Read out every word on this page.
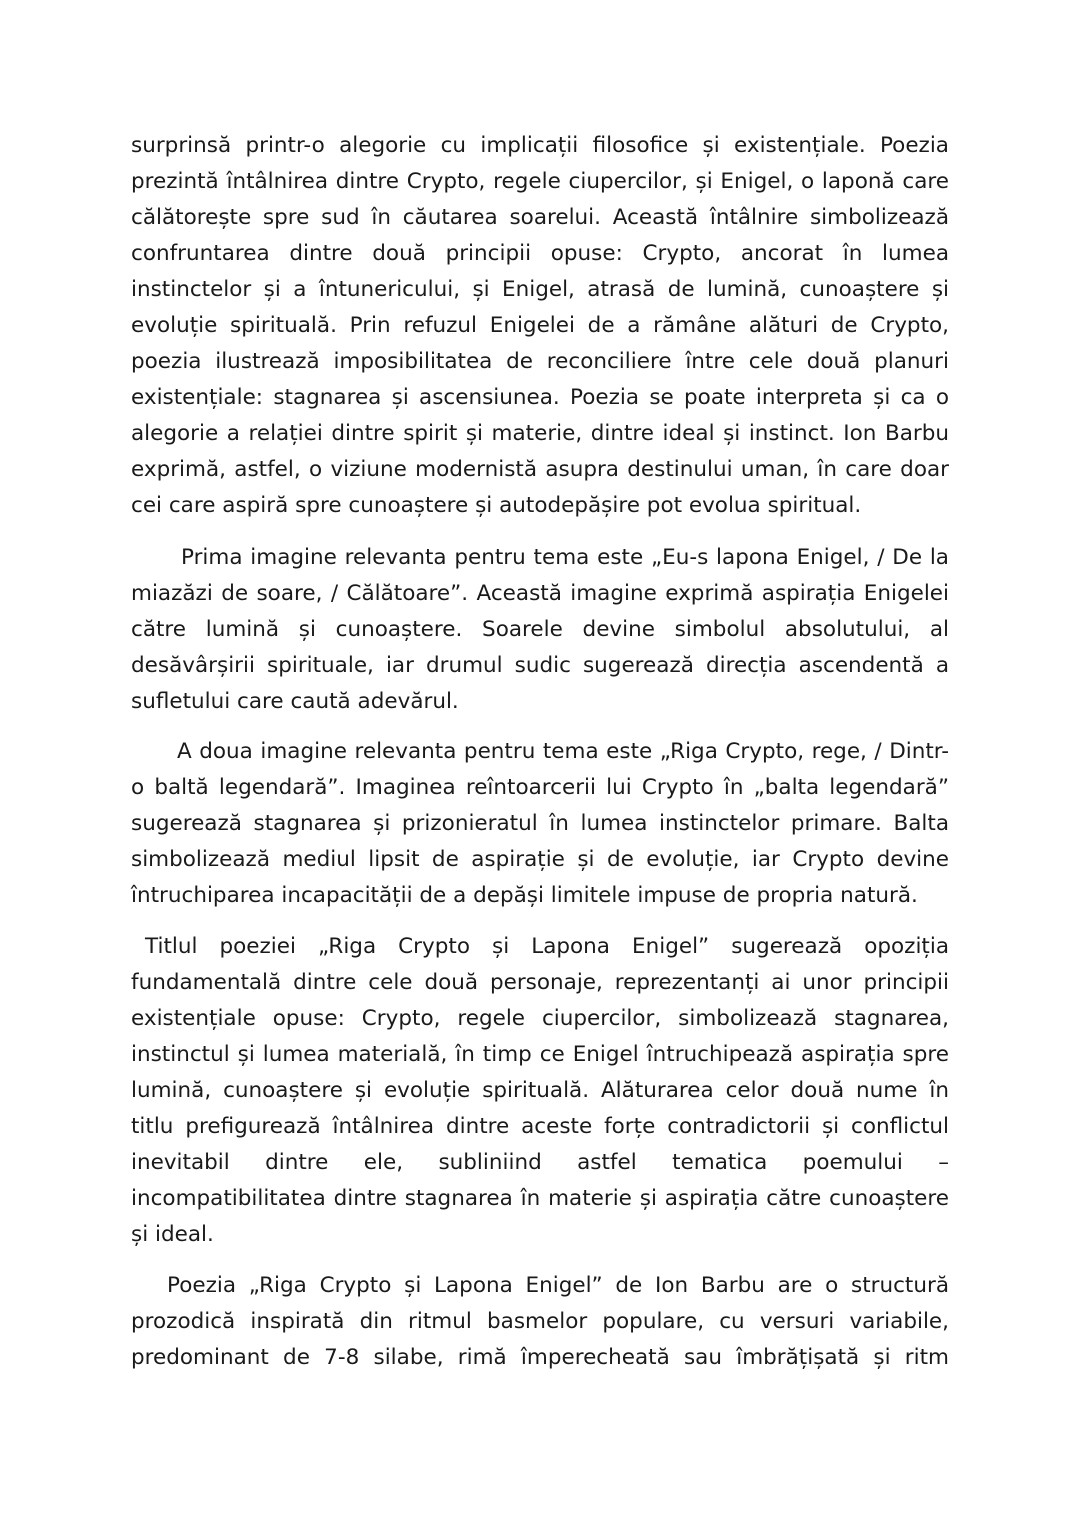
surprinsă printr-o alegorie cu implicații filosofice și existențiale. Poezia prezintă întâlnirea dintre Crypto, regele ciupercilor, și Enigel, o laponă care călătorește spre sud în căutarea soarelui. Această întâlnire simbolizează confruntarea dintre două principii opuse: Crypto, ancorat în lumea instinctelor și a întunericului, și Enigel, atrasă de lumină, cunoaștere și evoluție spirituală. Prin refuzul Enigelei de a rămâne alături de Crypto, poezia ilustrează imposibilitatea de reconciliere între cele două planuri existențiale: stagnarea și ascensiunea. Poezia se poate interpreta și ca o alegorie a relației dintre spirit și materie, dintre ideal și instinct. Ion Barbu exprimă, astfel, o viziune modernistă asupra destinului uman, în care doar cei care aspiră spre cunoaștere și autodepășire pot evolua spiritual.

Prima imagine relevanta pentru tema este „Eu-s lapona Enigel, / De la miazăzi de soare, / Călătoare”. Această imagine exprimă aspirația Enigelei către lumină și cunoaștere. Soarele devine simbolul absolutului, al desăvârșirii spirituale, iar drumul sudic sugerează direcția ascendentă a sufletului care caută adevărul.

A doua imagine relevanta pentru tema este „Riga Crypto, rege, / Dintr-o baltă legendară”. Imaginea reîntoarcerii lui Crypto în „balta legendară” sugerează stagnarea și prizonieratul în lumea instinctelor primare. Balta simbolizează mediul lipsit de aspirație și de evoluție, iar Crypto devine întruchiparea incapacității de a depăși limitele impuse de propria natură.

Titlul poeziei „Riga Crypto și Lapona Enigel” sugerează opoziția fundamentală dintre cele două personaje, reprezentanți ai unor principii existențiale opuse: Crypto, regele ciupercilor, simbolizează stagnarea, instinctul și lumea materială, în timp ce Enigel întruchipează aspirația spre lumină, cunoaștere și evoluție spirituală. Alăturarea celor două nume în titlu prefigurează întâlnirea dintre aceste forțe contradictorii și conflictul inevitabil dintre ele, subliniind astfel tematica poemului – incompatibilitatea dintre stagnarea în materie și aspirația către cunoaștere și ideal.

Poezia „Riga Crypto și Lapona Enigel” de Ion Barbu are o structură prozodică inspirată din ritmul basmelor populare, cu versuri variabile, predominant de 7-8 silabe, rimă împerecheată sau îmbrățișată și ritm
